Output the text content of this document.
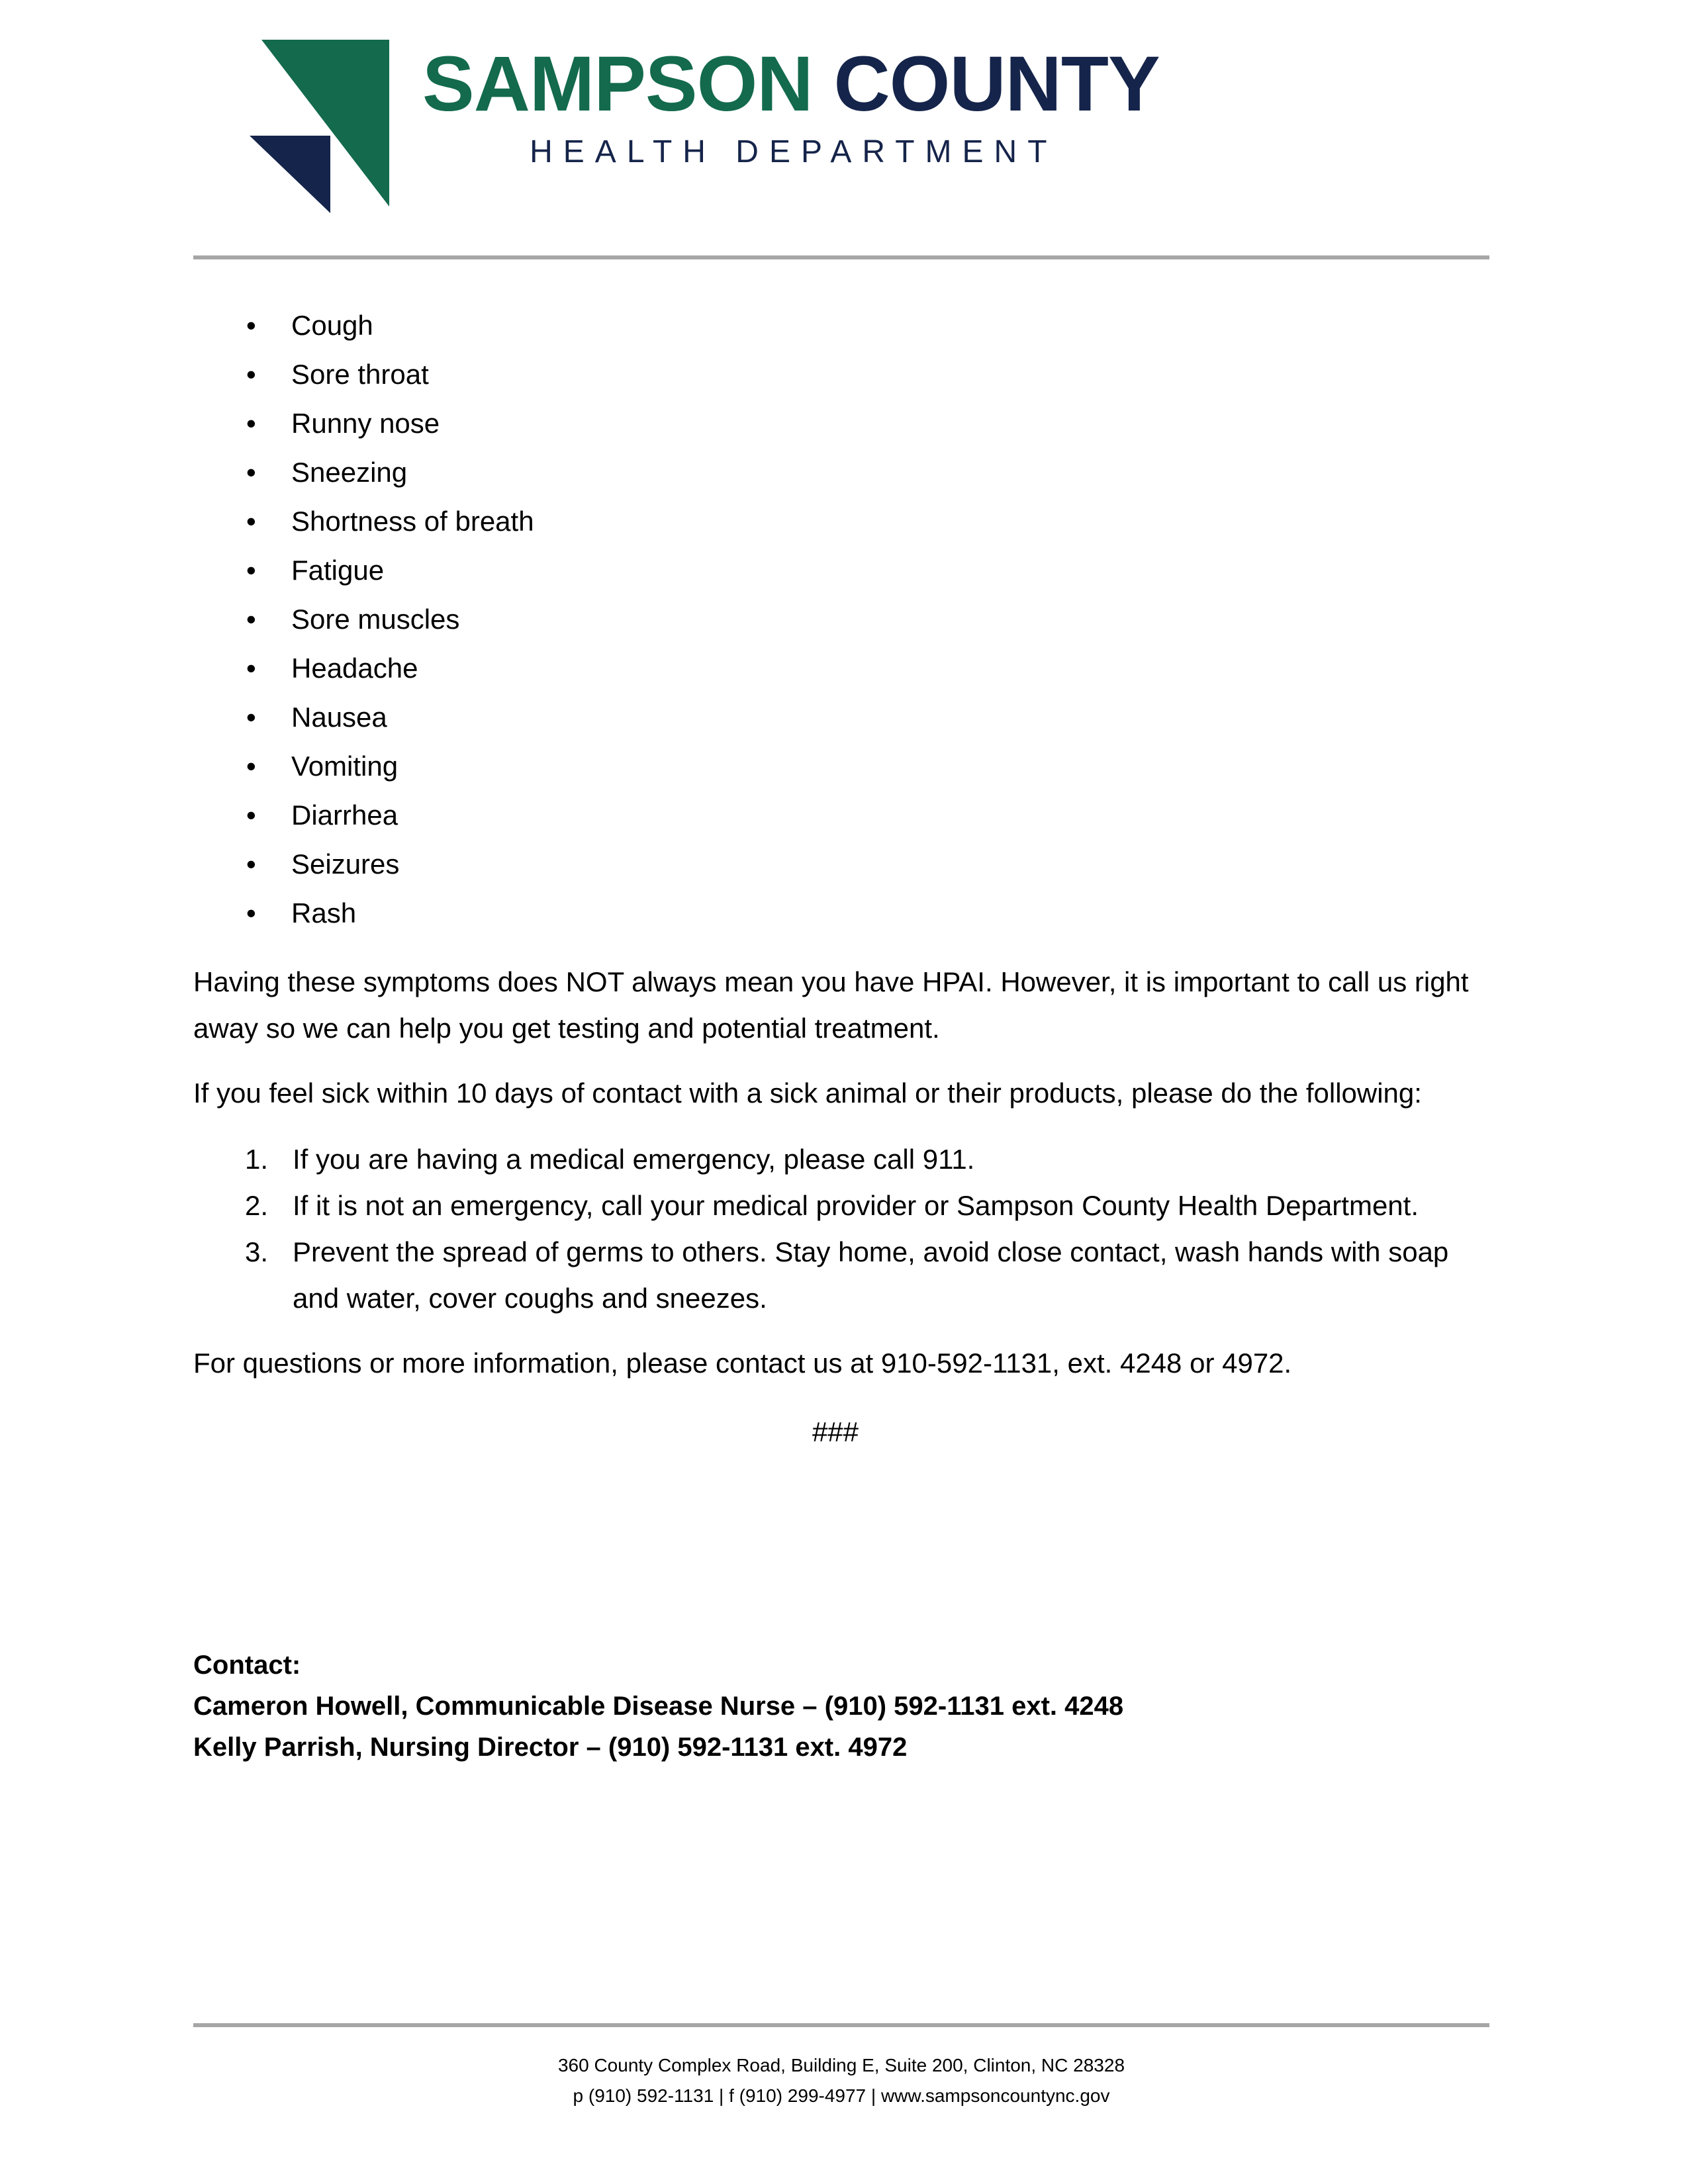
SAMPSON COUNTY
HEALTH DEPARTMENT
• Cough
• Sore throat
• Runny nose
• Sneezing
• Shortness of breath
• Fatigue
• Sore muscles
• Headache
• Nausea
• Vomiting
• Diarrhea
• Seizures
• Rash

Having these symptoms does NOT always mean you have HPAI. However, it is important to call us right away so we can help you get testing and potential treatment.

If you feel sick within 10 days of contact with a sick animal or their products, please do the following:

1. If you are having a medical emergency, please call 911.
2. If it is not an emergency, call your medical provider or Sampson County Health Department.
3. Prevent the spread of germs to others. Stay home, avoid close contact, wash hands with soap and water, cover coughs and sneezes.

For questions or more information, please contact us at 910-592-1131, ext. 4248 or 4972.

###

Contact:
Cameron Howell, Communicable Disease Nurse – (910) 592-1131 ext. 4248
Kelly Parrish, Nursing Director – (910) 592-1131 ext. 4972
360 County Complex Road, Building E, Suite 200, Clinton, NC 28328
p (910) 592-1131 | f (910) 299-4977 | www.sampsoncountync.gov
